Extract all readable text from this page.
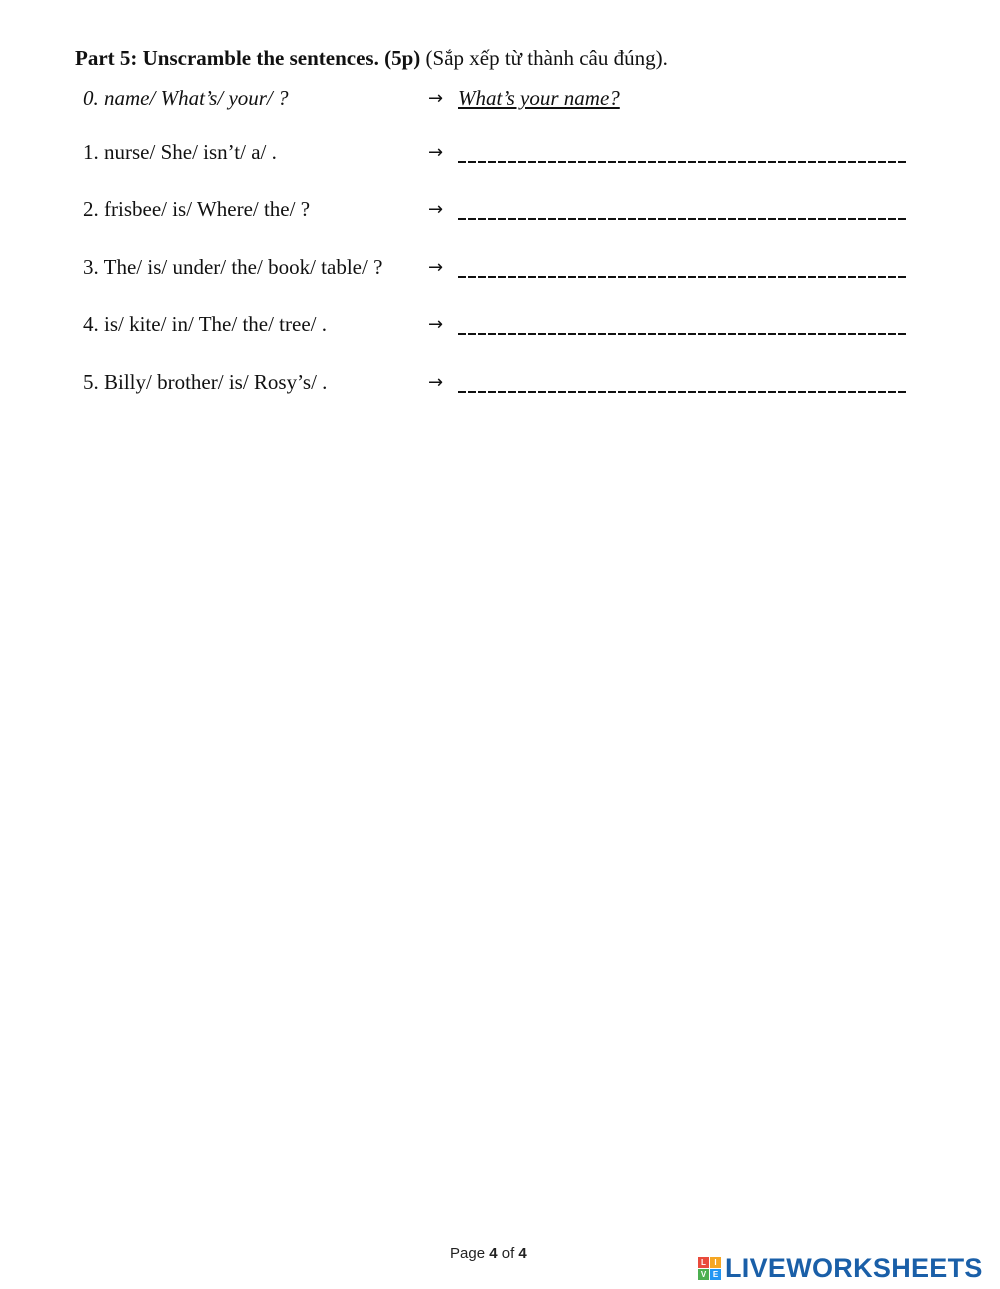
Part 5: Unscramble the sentences. (5p) (Sắp xếp từ thành câu đúng).
0. name/ What’s/ your/ ?	→ What’s your name?
1. nurse/ She/ isn’t/ a/ .	→
2. frisbee/ is/ Where/ the/ ?	→
3. The/ is/ under/ the/ book/ table/ ?	→
4. is/ kite/ in/ The/ the/ tree/ .	→
5. Billy/ brother/ is/ Rosy’s/ .	→
Page 4 of 4
L	I
V E LIVEWORKSHEETS
